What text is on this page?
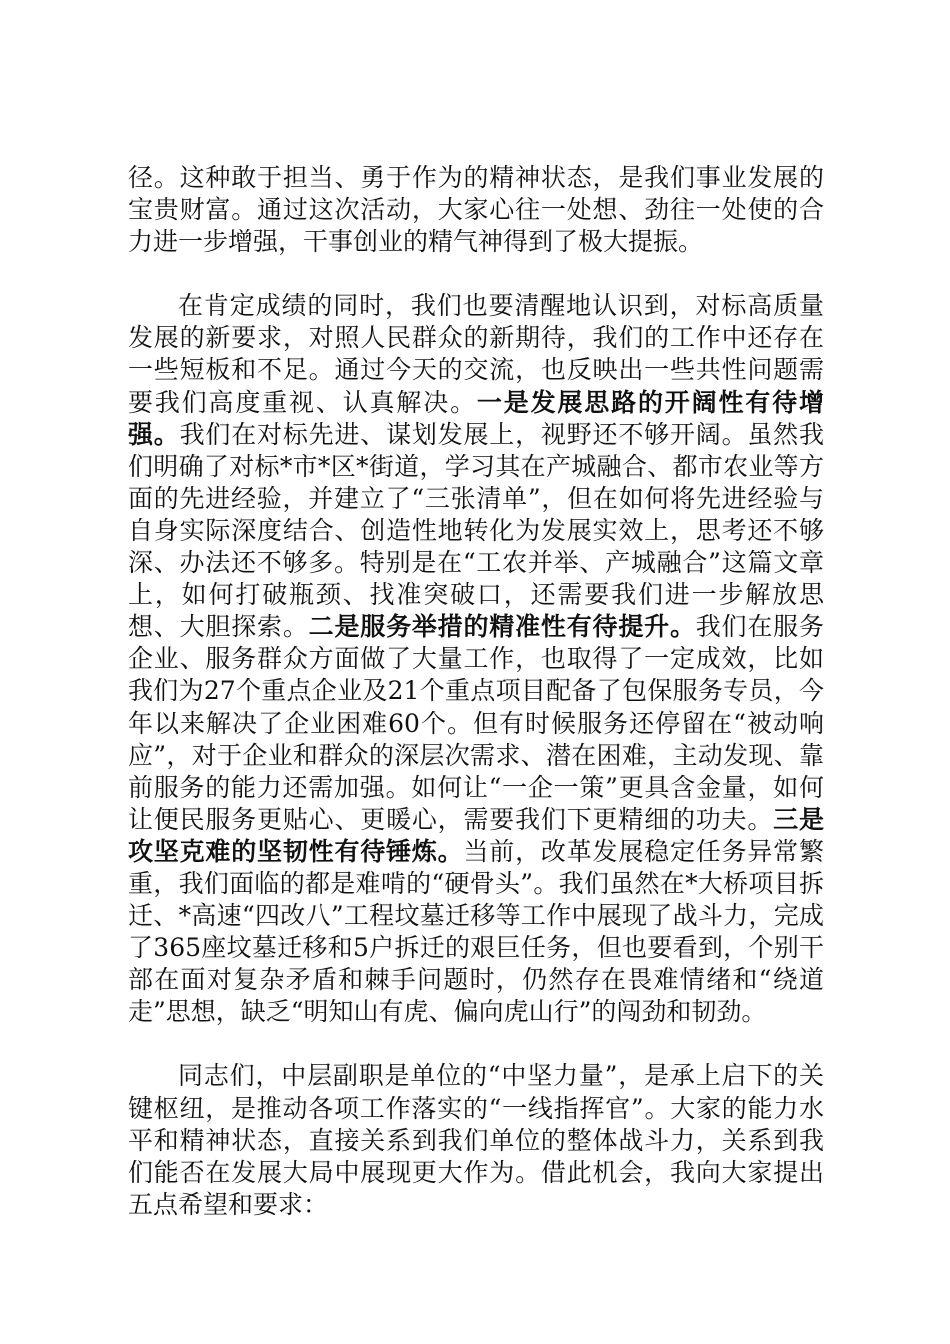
径。这种敢于担当、勇于作为的精神状态，是我们事业发展的宝贵财富。通过这次活动，大家心往一处想、劲往一处使的合力进一步增强，干事创业的精气神得到了极大提振。

在肯定成绩的同时，我们也要清醒地认识到，对标高质量发展的新要求，对照人民群众的新期待，我们的工作中还存在一些短板和不足。通过今天的交流，也反映出一些共性问题需要我们高度重视、认真解决。一是发展思路的开阔性有待增强。我们在对标先进、谋划发展上，视野还不够开阔。虽然我们明确了对标*市*区*街道，学习其在产城融合、都市农业等方面的先进经验，并建立了“三张清单”，但在如何将先进经验与自身实际深度结合、创造性地转化为发展实效上，思考还不够深、办法还不够多。特别是在“工农并举、产城融合”这篇文章上，如何打破瓶颈、找准突破口，还需要我们进一步解放思想、大胆探索。二是服务举措的精准性有待提升。我们在服务企业、服务群众方面做了大量工作，也取得了一定成效，比如我们为27个重点企业及21个重点项目配备了包保服务专员，今年以来解决了企业困难60个。但有时候服务还停留在“被动响应”，对于企业和群众的深层次需求、潜在困难，主动发现、靠前服务的能力还需加强。如何让“一企一策”更具含金量，如何让便民服务更贴心、更暖心，需要我们下更精细的功夫。三是攻坚克难的坚韧性有待锤炼。当前，改革发展稳定任务异常繁重，我们面临的都是难啃的“硬骨头”。我们虽然在*大桥项目拆迁、*高速“四改八”工程坟墓迁移等工作中展现了战斗力，完成了365座坟墓迁移和5户拆迁的艰巨任务，但也要看到，个别干部在面对复杂矛盾和棘手问题时，仍然存在畏难情绪和“绕道走”思想，缺乏“明知山有虎、偏向虎山行”的闯劲和韧劲。

同志们，中层副职是单位的“中坚力量”，是承上启下的关键枢纽，是推动各项工作落实的“一线指挥官”。大家的能力水平和精神状态，直接关系到我们单位的整体战斗力，关系到我们能否在发展大局中展现更大作为。借此机会，我向大家提出五点希望和要求：
